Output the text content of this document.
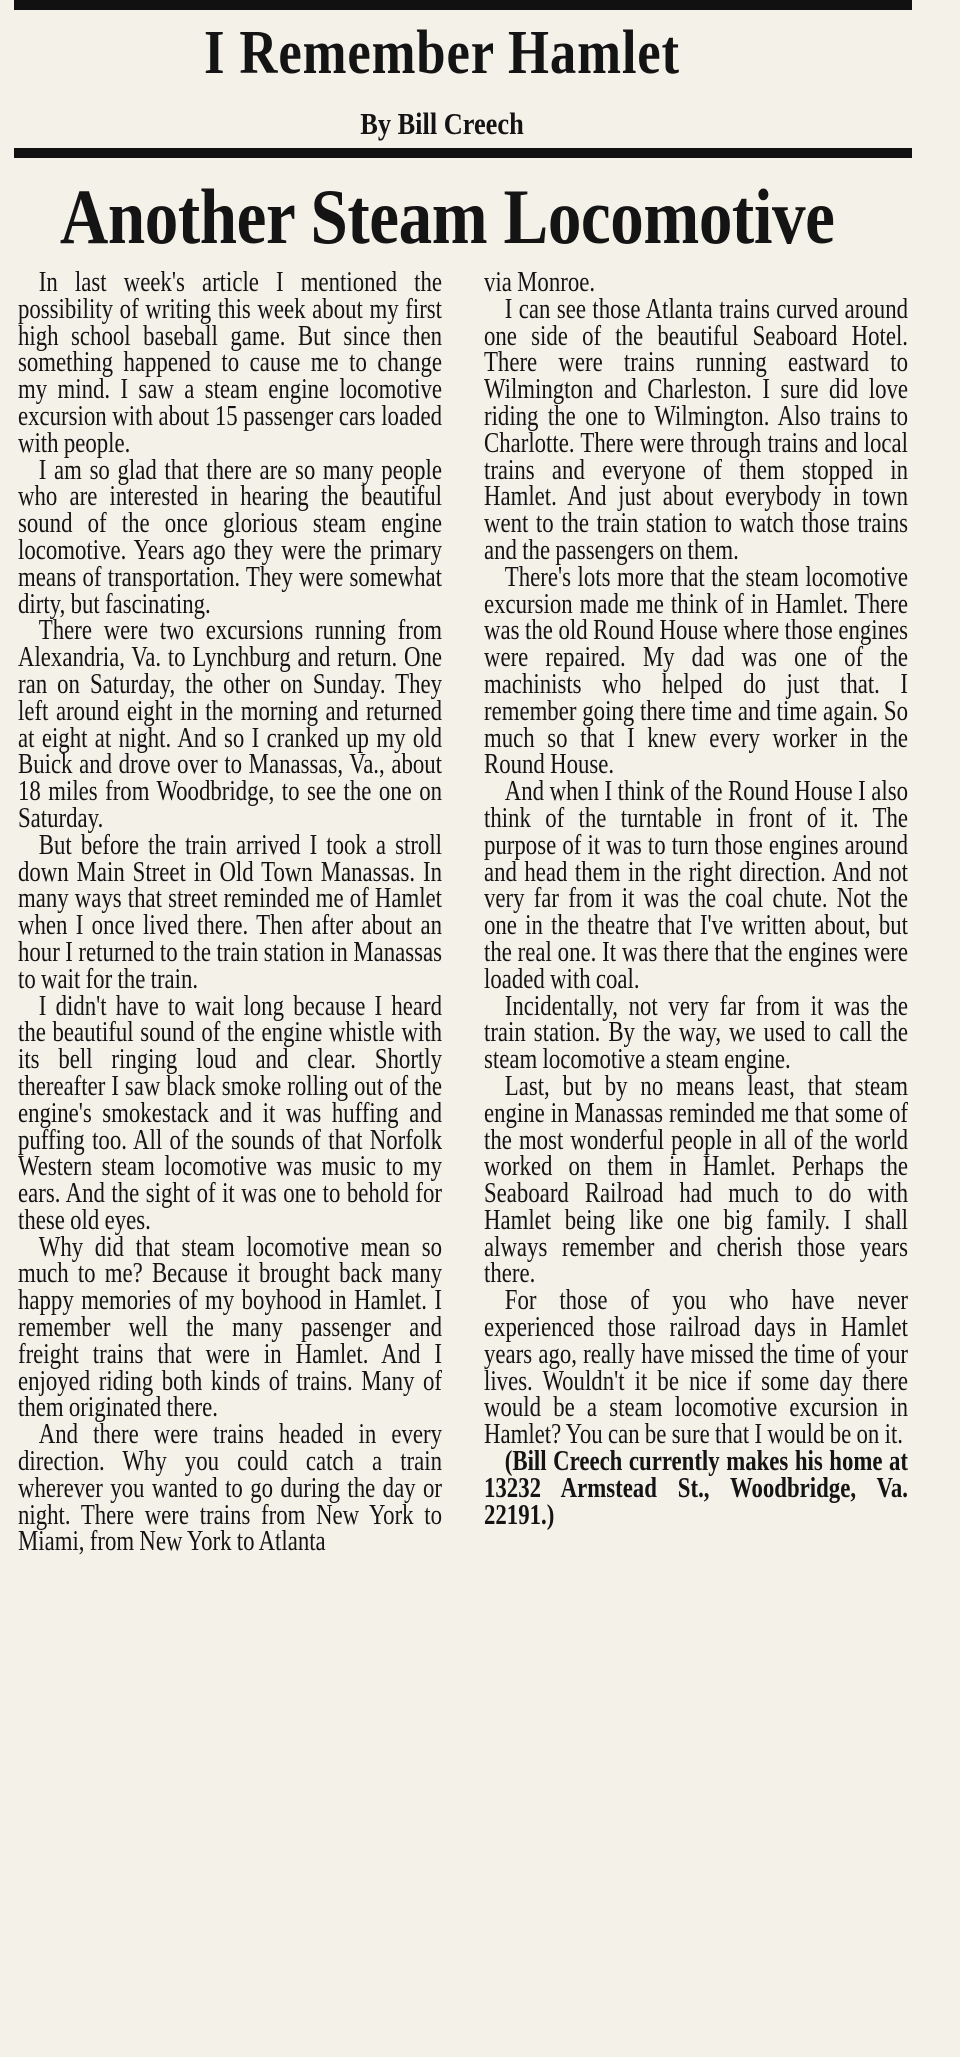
I Remember Hamlet
By Bill Creech
Another Steam Locomotive

In last week's article I mentioned the possibility of writing this week about my first high school baseball game. But since then something happened to cause me to change my mind. I saw a steam engine locomotive excursion with about 15 passenger cars loaded with people.

I am so glad that there are so many people who are interested in hearing the beautiful sound of the once glorious steam engine locomotive. Years ago they were the primary means of transportation. They were somewhat dirty, but fascinating.

There were two excursions running from Alexandria, Va. to Lynchburg and return. One ran on Saturday, the other on Sunday. They left around eight in the morning and returned at eight at night. And so I cranked up my old Buick and drove over to Manassas, Va., about 18 miles from Woodbridge, to see the one on Saturday.

But before the train arrived I took a stroll down Main Street in Old Town Manassas. In many ways that street reminded me of Hamlet when I once lived there. Then after about an hour I returned to the train station in Manassas to wait for the train.

I didn't have to wait long because I heard the beautiful sound of the engine whistle with its bell ringing loud and clear. Shortly thereafter I saw black smoke rolling out of the engine's smokestack and it was huffing and puffing too. All of the sounds of that Norfolk Western steam locomotive was music to my ears. And the sight of it was one to behold for these old eyes.

Why did that steam locomotive mean so much to me? Because it brought back many happy memories of my boyhood in Hamlet. I remember well the many passenger and freight trains that were in Hamlet. And I enjoyed riding both kinds of trains. Many of them originated there.

And there were trains headed in every direction. Why you could catch a train wherever you wanted to go during the day or night. There were trains from New York to Miami, from New York to Atlanta

via Monroe.

I can see those Atlanta trains curved around one side of the beautiful Seaboard Hotel. There were trains running eastward to Wilmington and Charleston. I sure did love riding the one to Wilmington. Also trains to Charlotte. There were through trains and local trains and everyone of them stopped in Hamlet. And just about everybody in town went to the train station to watch those trains and the passengers on them.

There's lots more that the steam locomotive excursion made me think of in Hamlet. There was the old Round House where those engines were repaired. My dad was one of the machinists who helped do just that. I remember going there time and time again. So much so that I knew every worker in the Round House.

And when I think of the Round House I also think of the turntable in front of it. The purpose of it was to turn those engines around and head them in the right direction. And not very far from it was the coal chute. Not the one in the theatre that I've written about, but the real one. It was there that the engines were loaded with coal.

Incidentally, not very far from it was the train station. By the way, we used to call the steam locomotive a steam engine.

Last, but by no means least, that steam engine in Manassas reminded me that some of the most wonderful people in all of the world worked on them in Hamlet. Perhaps the Seaboard Railroad had much to do with Hamlet being like one big family. I shall always remember and cherish those years there.

For those of you who have never experienced those railroad days in Hamlet years ago, really have missed the time of your lives. Wouldn't it be nice if some day there would be a steam locomotive excursion in Hamlet? You can be sure that I would be on it.

(Bill Creech currently makes his home at 13232 Armstead St., Woodbridge, Va. 22191.)
